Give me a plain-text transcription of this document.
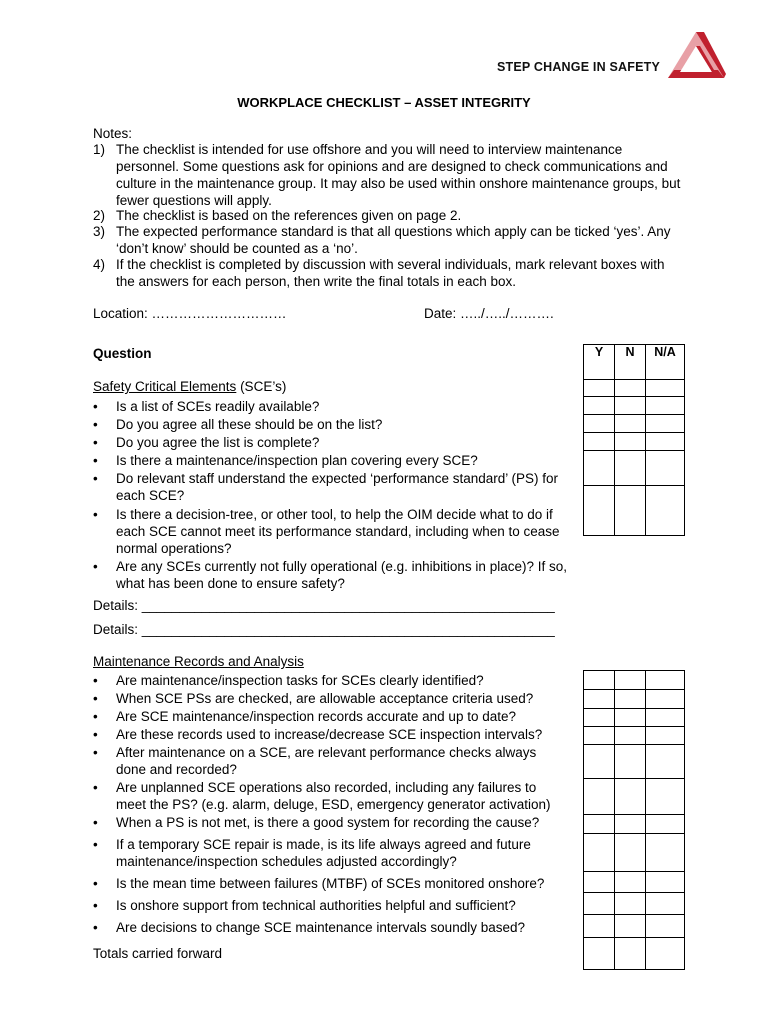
STEP CHANGE IN SAFETY
WORKPLACE CHECKLIST – ASSET INTEGRITY
Notes:
1) The checklist is intended for use offshore and you will need to interview maintenance personnel. Some questions ask for opinions and are designed to check communications and culture in the maintenance group. It may also be used within onshore maintenance groups, but fewer questions will apply.
2) The checklist is based on the references given on page 2.
3) The expected performance standard is that all questions which apply can be ticked ‘yes’. Any ‘don’t know’ should be counted as a ‘no’.
4) If the checklist is completed by discussion with several individuals, mark relevant boxes with the answers for each person, then write the final totals in each box.
Location: …………………………	Date: …../…../……….
Question
Safety Critical Elements (SCE’s)
• Is a list of SCEs readily available?
• Do you agree all these should be on the list?
• Do you agree the list is complete?
• Is there a maintenance/inspection plan covering every SCE?
• Do relevant staff understand the expected ‘performance standard’ (PS) for each SCE?
• Is there a decision-tree, or other tool, to help the OIM decide what to do if each SCE cannot meet its performance standard, including when to cease normal operations?
• Are any SCEs currently not fully operational (e.g. inhibitions in place)? If so, what has been done to ensure safety?
Y	N	N/A

Details: _______________________________________________________
Details: _______________________________________________________
Maintenance Records and Analysis
• Are maintenance/inspection tasks for SCEs clearly identified?
• When SCE PSs are checked, are allowable acceptance criteria used?
• Are SCE maintenance/inspection records accurate and up to date?
• Are these records used to increase/decrease SCE inspection intervals?
• After maintenance on a SCE, are relevant performance checks always done and recorded?
• Are unplanned SCE operations also recorded, including any failures to meet the PS? (e.g. alarm, deluge, ESD, emergency generator activation)
• When a PS is not met, is there a good system for recording the cause?
• If a temporary SCE repair is made, is its life always agreed and future maintenance/inspection schedules adjusted accordingly?
• Is the mean time between failures (MTBF) of SCEs monitored onshore?
• Is onshore support from technical authorities helpful and sufficient?
• Are decisions to change SCE maintenance intervals soundly based?
Totals carried forward
